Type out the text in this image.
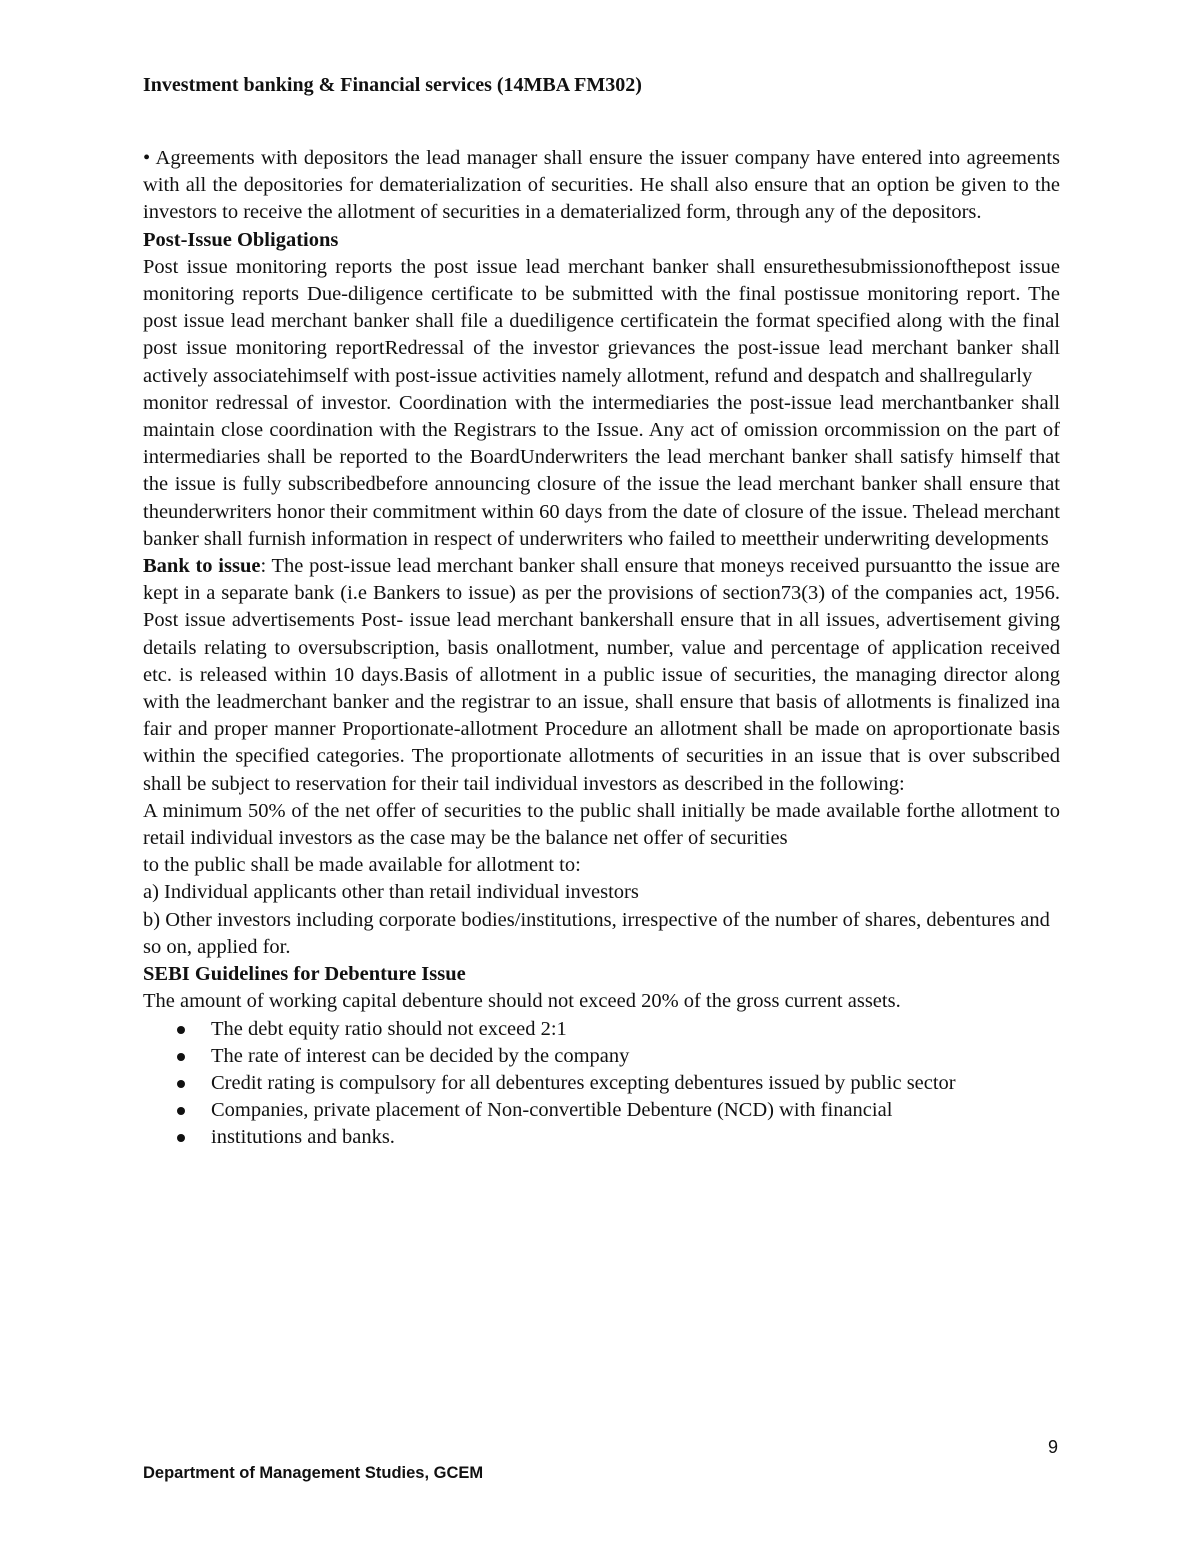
Investment banking & Financial services (14MBA FM302)

• Agreements with depositors the lead manager shall ensure the issuer company have entered into agreements with all the depositories for dematerialization of securities. He shall also ensure that an option be given to the investors to receive the allotment of securities in a dematerialized form, through any of the depositors.

Post-Issue Obligations

Post issue monitoring reports the post issue lead merchant banker shall ensurethesubmissionofthepost issue monitoring reports Due-diligence certificate to be submitted with the final postissue monitoring report. The post issue lead merchant banker shall file a duediligence certificatein the format specified along with the final post issue monitoring reportRedressal of the investor grievances the post-issue lead merchant banker shall actively associatehimself with post-issue activities namely allotment, refund and despatch and shallregularly

monitor redressal of investor. Coordination with the intermediaries the post-issue lead merchantbanker shall maintain close coordination with the Registrars to the Issue. Any act of omission orcommission on the part of intermediaries shall be reported to the BoardUnderwriters the lead merchant banker shall satisfy himself that the issue is fully subscribedbefore announcing closure of the issue the lead merchant banker shall ensure that theunderwriters honor their commitment within 60 days from the date of closure of the issue. Thelead merchant banker shall furnish information in respect of underwriters who failed to meettheir underwriting developments

Bank to issue: The post-issue lead merchant banker shall ensure that moneys received pursuantto the issue are kept in a separate bank (i.e Bankers to issue) as per the provisions of section73(3) of the companies act, 1956. Post issue advertisements Post- issue lead merchant bankershall ensure that in all issues, advertisement giving details relating to oversubscription, basis onallotment, number, value and percentage of application received etc. is released within 10 days.Basis of allotment in a public issue of securities, the managing director along with the leadmerchant banker and the registrar to an issue, shall ensure that basis of allotments is finalized ina fair and proper manner Proportionate-allotment Procedure an allotment shall be made on aproportionate basis within the specified categories. The proportionate allotments of securities in an issue that is over subscribed shall be subject to reservation for their tail individual investors as described in the following:

A minimum 50% of the net offer of securities to the public shall initially be made available forthe allotment to retail individual investors as the case may be the balance net offer of securities

to the public shall be made available for allotment to:

a) Individual applicants other than retail individual investors

b) Other investors including corporate bodies/institutions, irrespective of the number of shares, debentures and so on, applied for.

SEBI Guidelines for Debenture Issue

The amount of working capital debenture should not exceed 20% of the gross current assets.

The debt equity ratio should not exceed 2:1
The rate of interest can be decided by the company
Credit rating is compulsory for all debentures excepting debentures issued by public sector
Companies, private placement of Non-convertible Debenture (NCD) with financial
institutions and banks.
9
Department of Management Studies, GCEM
